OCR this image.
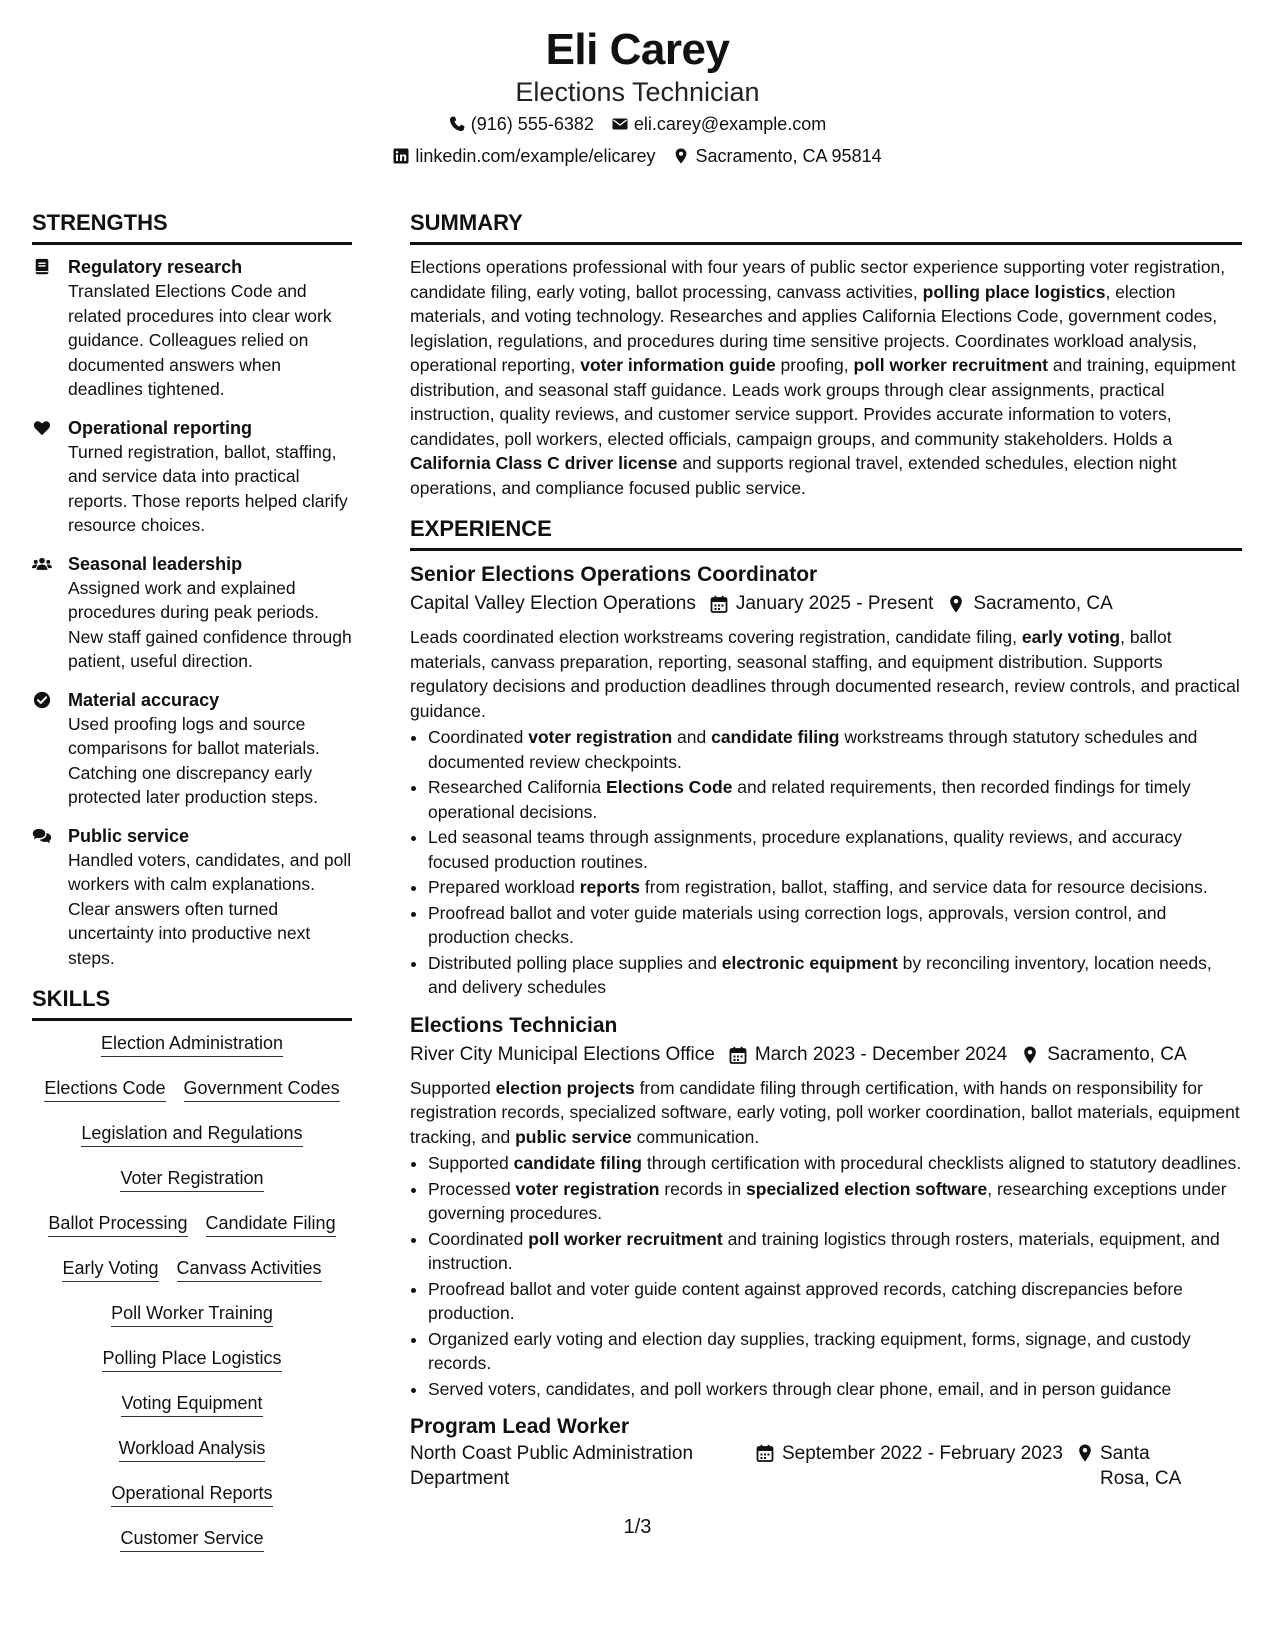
Eli Carey
Elections Technician
(916) 555-6382 eli.carey@example.com
linkedin.com/example/elicarey Sacramento, CA 95814
STRENGTHS
Regulatory research
Translated Elections Code and related procedures into clear work guidance. Colleagues relied on documented answers when deadlines tightened.
Operational reporting
Turned registration, ballot, staffing, and service data into practical reports. Those reports helped clarify resource choices.
Seasonal leadership
Assigned work and explained procedures during peak periods. New staff gained confidence through patient, useful direction.
Material accuracy
Used proofing logs and source comparisons for ballot materials. Catching one discrepancy early protected later production steps.
Public service
Handled voters, candidates, and poll workers with calm explanations. Clear answers often turned uncertainty into productive next steps.
SKILLS
Election Administration
Elections Code Government Codes
Legislation and Regulations
Voter Registration
Ballot Processing Candidate Filing
Early Voting Canvass Activities
Poll Worker Training
Polling Place Logistics
Voting Equipment
Workload Analysis
Operational Reports
Customer Service
SUMMARY
Elections operations professional with four years of public sector experience supporting voter registration, candidate filing, early voting, ballot processing, canvass activities, polling place logistics, election materials, and voting technology. Researches and applies California Elections Code, government codes, legislation, regulations, and procedures during time sensitive projects. Coordinates workload analysis, operational reporting, voter information guide proofing, poll worker recruitment and training, equipment distribution, and seasonal staff guidance. Leads work groups through clear assignments, practical instruction, quality reviews, and customer service support. Provides accurate information to voters, candidates, poll workers, elected officials, campaign groups, and community stakeholders. Holds a California Class C driver license and supports regional travel, extended schedules, election night operations, and compliance focused public service.
EXPERIENCE
Senior Elections Operations Coordinator
Capital Valley Election Operations January 2025 - Present Sacramento, CA
Leads coordinated election workstreams covering registration, candidate filing, early voting, ballot materials, canvass preparation, reporting, seasonal staffing, and equipment distribution. Supports regulatory decisions and production deadlines through documented research, review controls, and practical guidance.
• Coordinated voter registration and candidate filing workstreams through statutory schedules and documented review checkpoints.
• Researched California Elections Code and related requirements, then recorded findings for timely operational decisions.
• Led seasonal teams through assignments, procedure explanations, quality reviews, and accuracy focused production routines.
• Prepared workload reports from registration, ballot, staffing, and service data for resource decisions.
• Proofread ballot and voter guide materials using correction logs, approvals, version control, and production checks.
• Distributed polling place supplies and electronic equipment by reconciling inventory, location needs, and delivery schedules
Elections Technician
River City Municipal Elections Office March 2023 - December 2024 Sacramento, CA
Supported election projects from candidate filing through certification, with hands on responsibility for registration records, specialized software, early voting, poll worker coordination, ballot materials, equipment tracking, and public service communication.
• Supported candidate filing through certification with procedural checklists aligned to statutory deadlines.
• Processed voter registration records in specialized election software, researching exceptions under governing procedures.
• Coordinated poll worker recruitment and training logistics through rosters, materials, equipment, and instruction.
• Proofread ballot and voter guide content against approved records, catching discrepancies before production.
• Organized early voting and election day supplies, tracking equipment, forms, signage, and custody records.
• Served voters, candidates, and poll workers through clear phone, email, and in person guidance
Program Lead Worker
North Coast Public Administration Department
September 2022 - February 2023 Santa Rosa, CA
1/3
